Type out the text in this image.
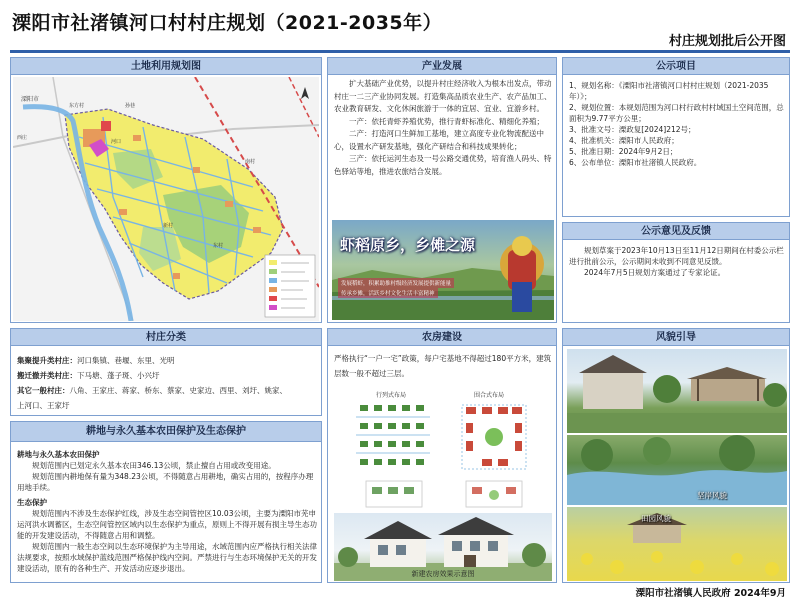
溧阳市社渚镇河口村村庄规划（2021-2035年）
村庄规划批后公开图
土地利用规划图
溧阳市
东方村	孙巷
西庄
南村
河口
新村
东村
产业发展

扩大基础产业优势，以提升村庄经济收入为根本出发点，带动村庄一二三产业协同发展。打造集高品质农业生产、农产品加工、农业教育研发、文化休闲旅游于一体的宜居、宜业、宜游乡村。

一产：依托青虾养殖优势，推行青虾标准化、精细化养殖；

二产：打造河口生鲜加工基地，建立高度专业化物流配送中心，设置水产研发基地，强化产研结合和科技成果转化；

三产：依托运河生态及一号公路交通优势，培育渔人码头、特色驿站等地，推进农旅结合发展。

虾稻原乡，乡傩之源
发展稻虾，积累助推村级经济发展提供新能量
传承乡傩，活跃乡村文化生活丰富精神
公示项目
1、规划名称：《溧阳市社渚镇河口村村庄规划（2021-2035年）》；
2、规划位置：本规划范围为河口村行政村村域国土空间范围，总面积为9.77平方公里；
3、批准文号：溧政复[2024]212号；
4、批准机关：溧阳市人民政府；
5、批准日期：2024年9月2日；
6、公布单位：溧阳市社渚镇人民政府。
公示意见及反馈

规划草案于2023年10月13日至11月12日期间在村委公示栏进行批前公示，公示期间未收到不同意见反馈。

2024年7月5日规划方案通过了专家论证。

村庄分类
集聚提升类村庄：河口集镇、巷堰、东里、光明
搬迁撤并类村庄：下马塘、蓬子斑、小兴圩
其它一般村庄：八角、王家庄、蒋家、桥东、蔡家、史家边、西里、刘圩、姚家、
上河口、王家圩
耕地与永久基本农田保护及生态保护
耕地与永久基本农田保护
规划范围内已划定永久基本农田346.13公顷，禁止擅自占用或改变用途。
规划范围内耕地保有量为348.23公顷，不得随意占用耕地，确实占用的，按程序办理用地手续。
生态保护
规划范围内不涉及生态保护红线，涉及生态空间管控区10.03公顷，主要为溧阳市芜申运河洪水调蓄区，生态空间管控区域内以生态保护为重点，原则上不得开展有损主导生态功能的开发建设活动，不得随意占用和调整。
规划范围内一般生态空间以生态环境保护为主导用途，水域范围内应严格执行相关法律法规要求，按照水域保护蓝线范围严格保护线内空间。严禁进行与生态环境保护无关的开发建设活动，原有的各种生产、开发活动应逐步退出。
农房建设
严格执行“一户一宅”政策，每户宅基地不得超过180平方米，建筑层数一般不超过三层。
行列式布局	围合式布局
新建农房效果示意图
风貌引导
坚岸风貌
田园风貌
溧阳市社渚镇人民政府 2024年9月
